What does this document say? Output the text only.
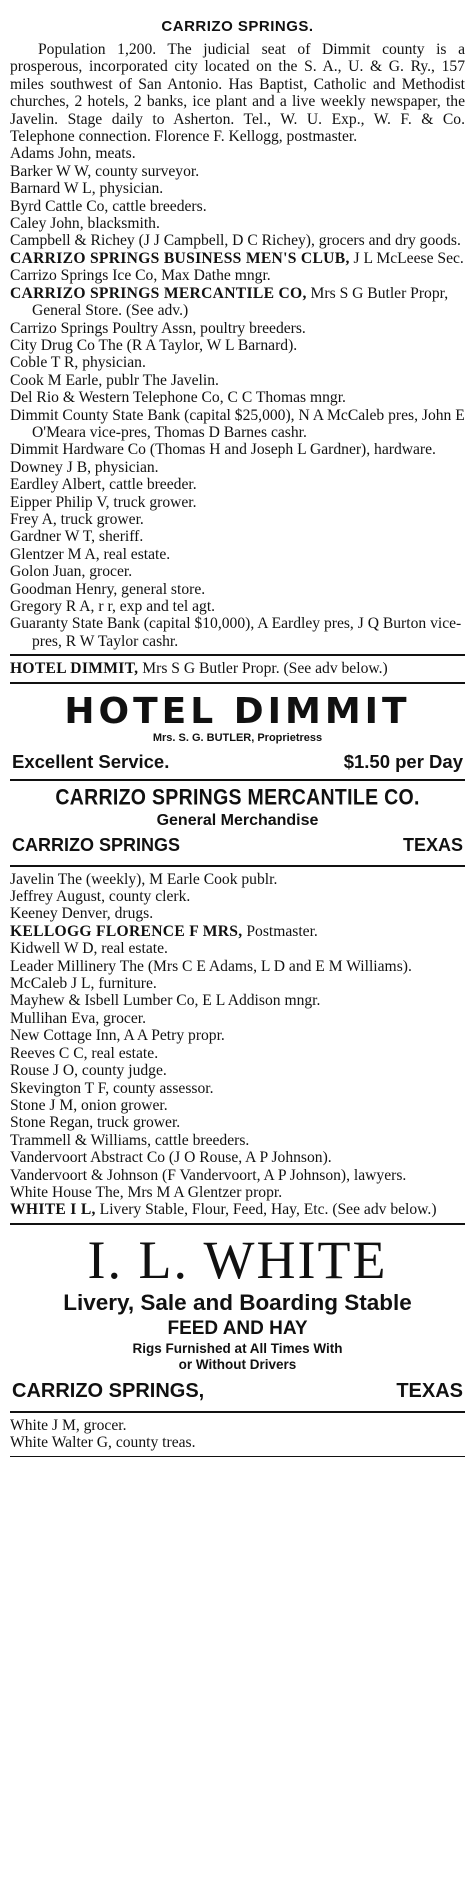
CARRIZO SPRINGS.

Population 1,200. The judicial seat of Dimmit county is a prosperous, incorporated city located on the S. A., U. & G. Ry., 157 miles southwest of San Antonio. Has Baptist, Catholic and Methodist churches, 2 hotels, 2 banks, ice plant and a live weekly newspaper, the Javelin. Stage daily to Asherton. Tel., W. U. Exp., W. F. & Co. Telephone connection. Florence F. Kellogg, postmaster.

Adams John, meats.
Barker W W, county surveyor.
Barnard W L, physician.
Byrd Cattle Co, cattle breeders.
Caley John, blacksmith.
Campbell & Richey (J J Campbell, D C Richey), grocers and dry goods.
CARRIZO SPRINGS BUSINESS MEN'S CLUB, J L McLeese Sec.
Carrizo Springs Ice Co, Max Dathe mngr.
CARRIZO SPRINGS MERCANTILE CO, Mrs S G Butler Propr, General Store. (See adv.)
Carrizo Springs Poultry Assn, poultry breeders.
City Drug Co The (R A Taylor, W L Barnard).
Coble T R, physician.
Cook M Earle, publr The Javelin.
Del Rio & Western Telephone Co, C C Thomas mngr.
Dimmit County State Bank (capital $25,000), N A McCaleb pres, John E O'Meara vice-pres, Thomas D Barnes cashr.
Dimmit Hardware Co (Thomas H and Joseph L Gardner), hardware.
Downey J B, physician.
Eardley Albert, cattle breeder.
Eipper Philip V, truck grower.
Frey A, truck grower.
Gardner W T, sheriff.
Glentzer M A, real estate.
Golon Juan, grocer.
Goodman Henry, general store.
Gregory R A, r r, exp and tel agt.
Guaranty State Bank (capital $10,000), A Eardley pres, J Q Burton vice-pres, R W Taylor cashr.
HOTEL DIMMIT, Mrs S G Butler Propr. (See adv below.)
HOTEL DIMMIT
Mrs. S. G. BUTLER, Proprietress
Excellent Service.	$1.50 per Day
CARRIZO SPRINGS MERCANTILE CO.
General Merchandise
CARRIZO SPRINGS	TEXAS
Javelin The (weekly), M Earle Cook publr.
Jeffrey August, county clerk.
Keeney Denver, drugs.
KELLOGG FLORENCE F MRS, Postmaster.
Kidwell W D, real estate.
Leader Millinery The (Mrs C E Adams, L D and E M Williams).
McCaleb J L, furniture.
Mayhew & Isbell Lumber Co, E L Addison mngr.
Mullihan Eva, grocer.
New Cottage Inn, A A Petry propr.
Reeves C C, real estate.
Rouse J O, county judge.
Skevington T F, county assessor.
Stone J M, onion grower.
Stone Regan, truck grower.
Trammell & Williams, cattle breeders.
Vandervoort Abstract Co (J O Rouse, A P Johnson).
Vandervoort & Johnson (F Vandervoort, A P Johnson), lawyers.
White House The, Mrs M A Glentzer propr.
WHITE I L, Livery Stable, Flour, Feed, Hay, Etc. (See adv below.)
I. L. WHITE
Livery, Sale and Boarding Stable
FEED AND HAY
Rigs Furnished at All Times With
or Without Drivers
CARRIZO SPRINGS,	TEXAS
White J M, grocer.
White Walter G, county treas.
